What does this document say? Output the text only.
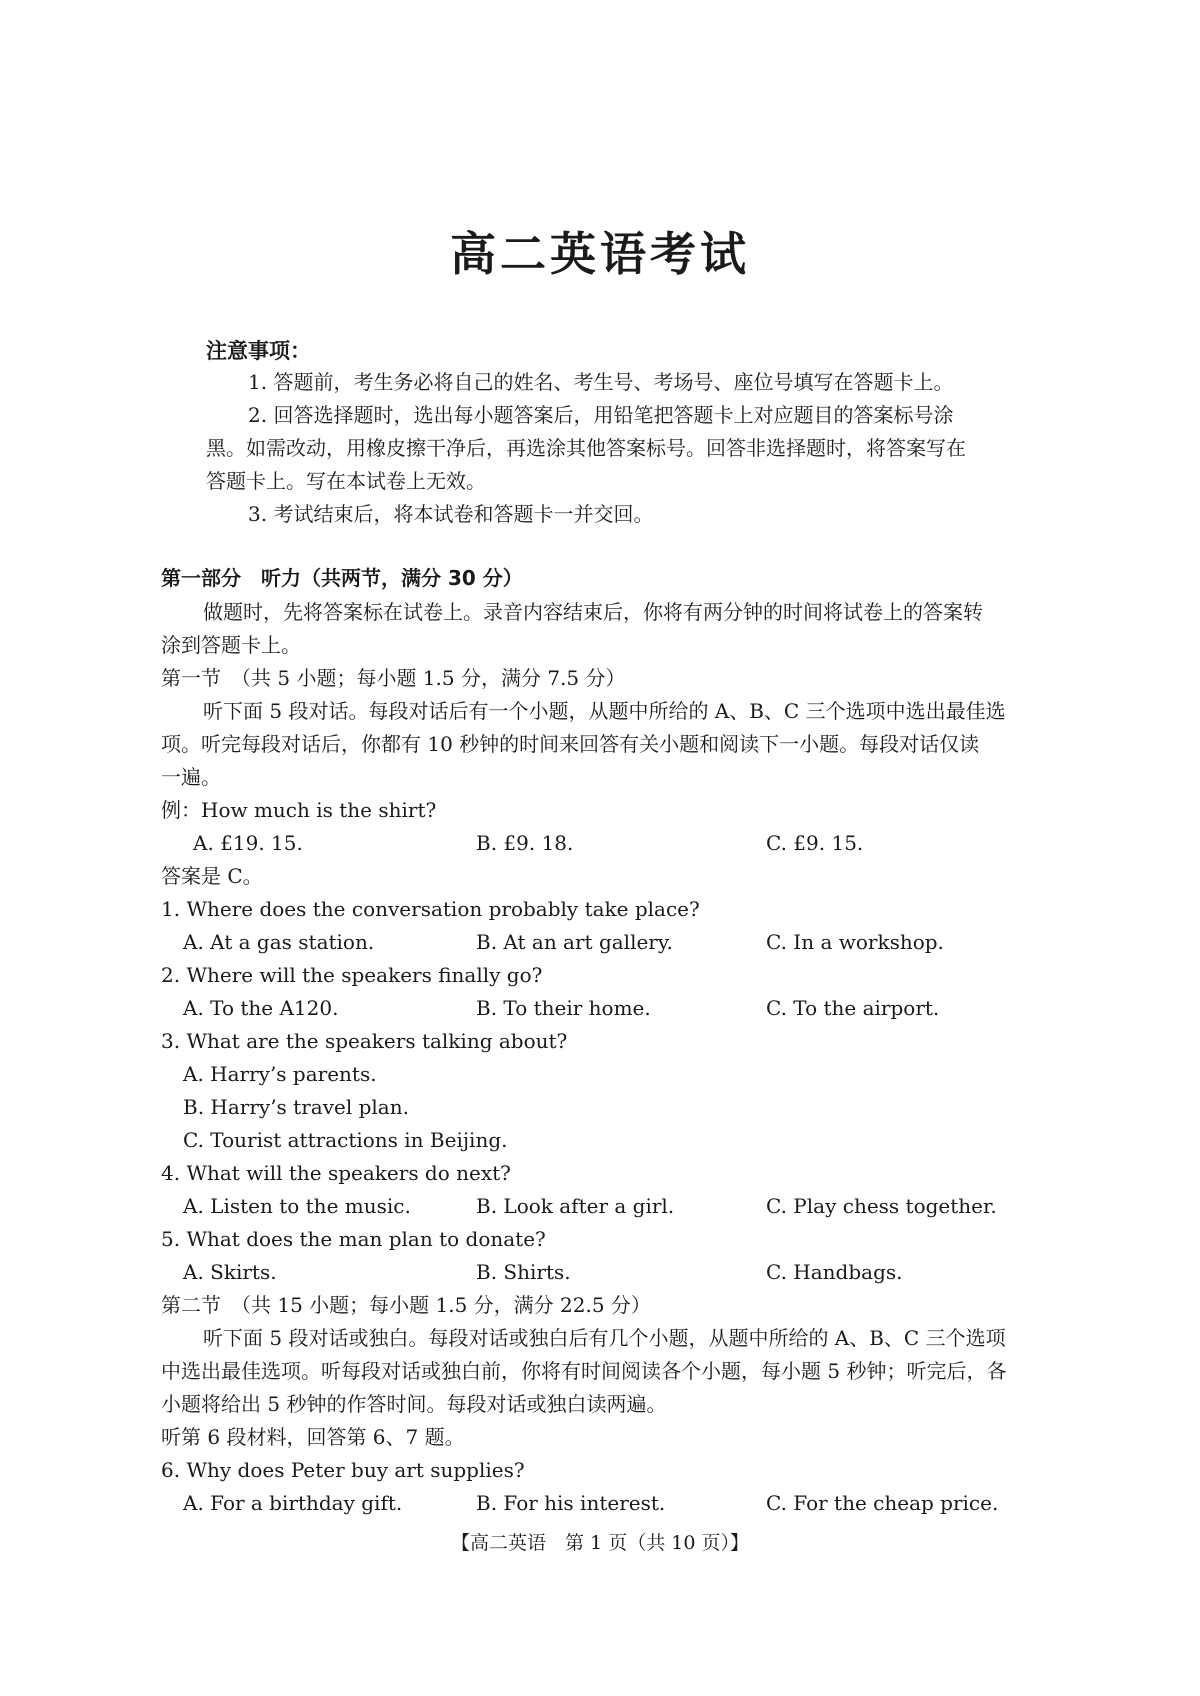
高二英语考试
注意事项：
1. 答题前，考生务必将自己的姓名、考生号、考场号、座位号填写在答题卡上。
2. 回答选择题时，选出每小题答案后，用铅笔把答题卡上对应题目的答案标号涂
黑。如需改动，用橡皮擦干净后，再选涂其他答案标号。回答非选择题时，将答案写在
答题卡上。写在本试卷上无效。
3. 考试结束后，将本试卷和答题卡一并交回。
第一部分　听力（共两节，满分 30 分）
做题时，先将答案标在试卷上。录音内容结束后，你将有两分钟的时间将试卷上的答案转
涂到答题卡上。
第一节　（共 5 小题；每小题 1.5 分，满分 7.5 分）
听下面 5 段对话。每段对话后有一个小题，从题中所给的 A、B、C 三个选项中选出最佳选
项。听完每段对话后，你都有 10 秒钟的时间来回答有关小题和阅读下一小题。每段对话仅读
一遍。
例：How much is the shirt?
A. £19. 15.	B. £9. 18.	C. £9. 15.
答案是 C。
1. Where does the conversation probably take place?
A. At a gas station.	B. At an art gallery.	C. In a workshop.
2. Where will the speakers finally go?
A. To the A120.	B. To their home.	C. To the airport.
3. What are the speakers talking about?
A. Harry’s parents.
B. Harry’s travel plan.
C. Tourist attractions in Beijing.
4. What will the speakers do next?
A. Listen to the music.	B. Look after a girl.	C. Play chess together.
5. What does the man plan to donate?
A. Skirts.	B. Shirts.	C. Handbags.
第二节　（共 15 小题；每小题 1.5 分，满分 22.5 分）
听下面 5 段对话或独白。每段对话或独白后有几个小题，从题中所给的 A、B、C 三个选项
中选出最佳选项。听每段对话或独白前，你将有时间阅读各个小题，每小题 5 秒钟；听完后，各
小题将给出 5 秒钟的作答时间。每段对话或独白读两遍。
听第 6 段材料，回答第 6、7 题。
6. Why does Peter buy art supplies?
A. For a birthday gift.	B. For his interest.	C. For the cheap price.
【高二英语　第 1 页（共 10 页）】
